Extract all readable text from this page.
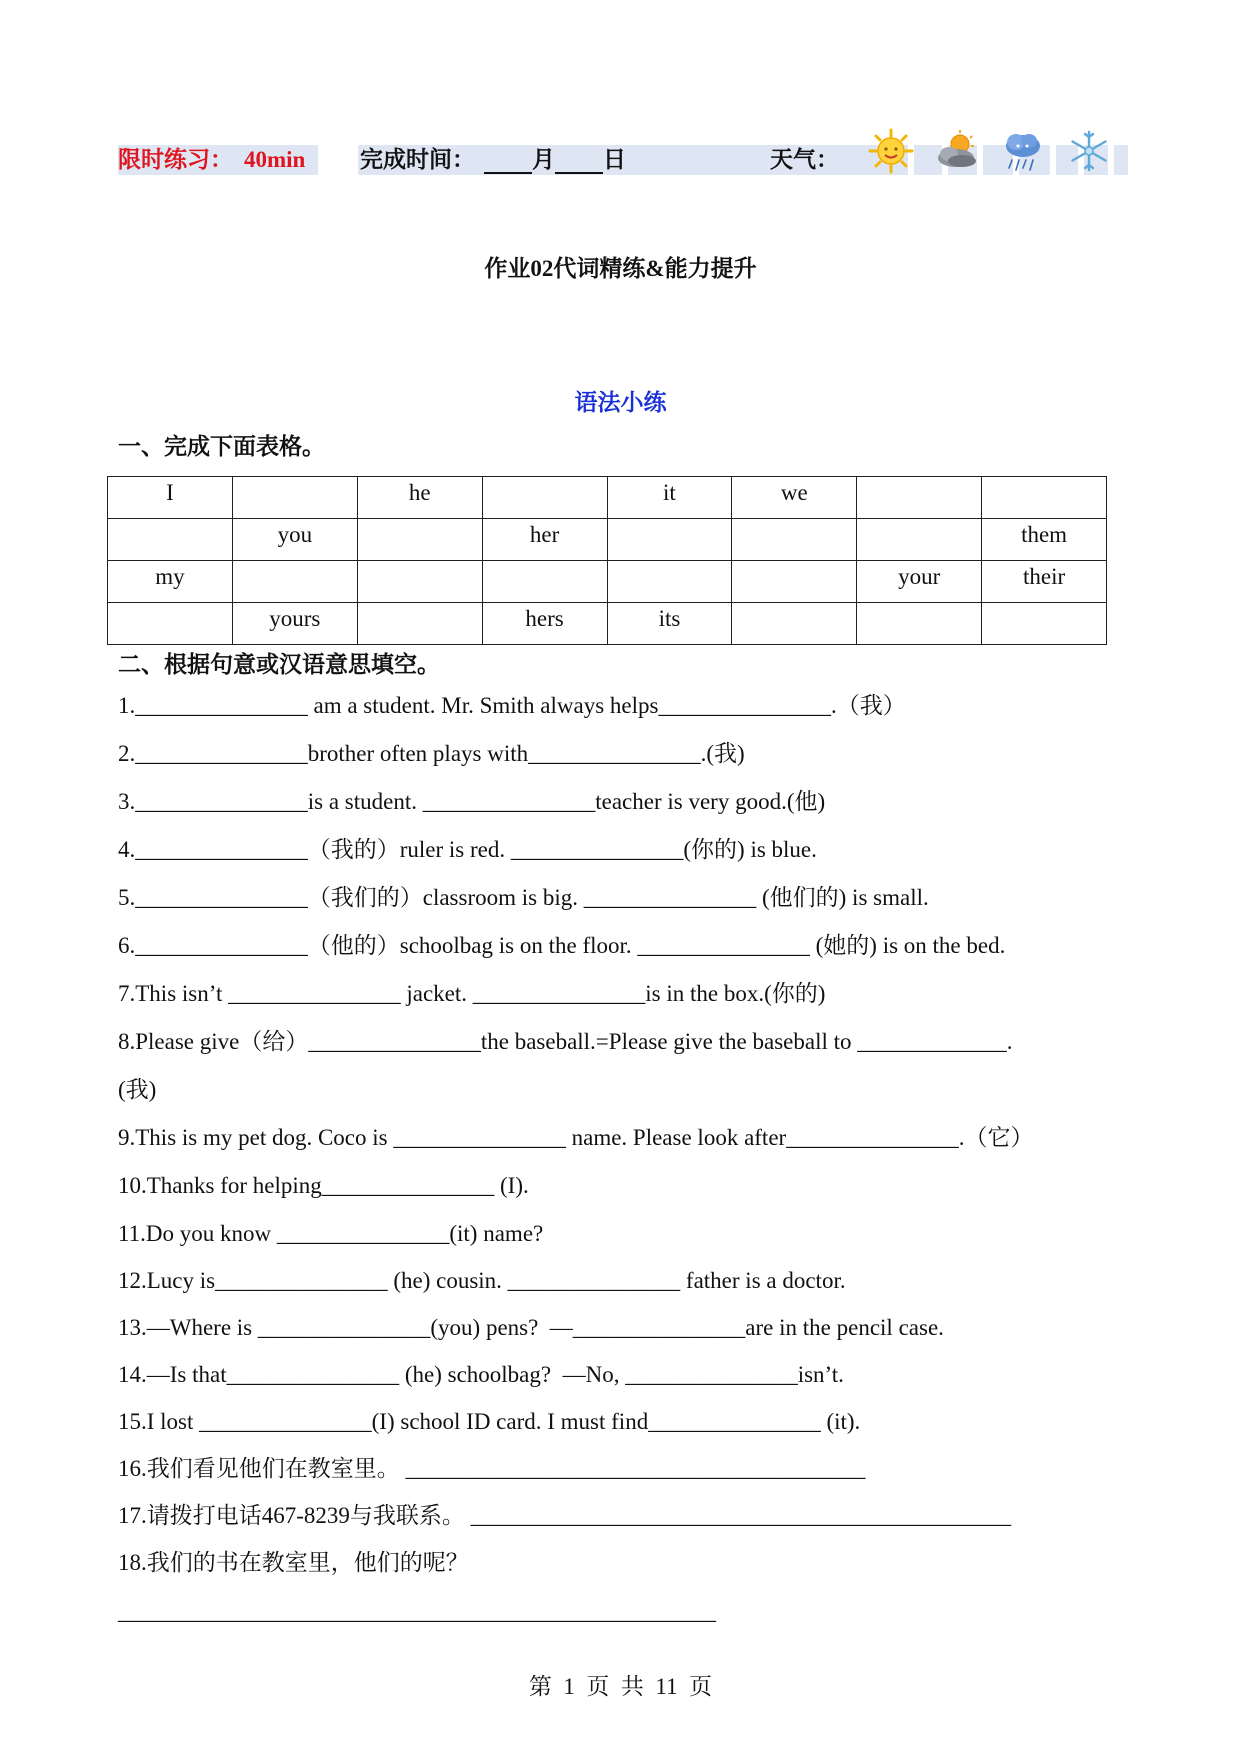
限时练习： 40min 完成时间：	月 日	天气：
作业02代词精练&能力提升
语法小练
一、完成下面表格。
I		he		it	we		
	you		her				them
my						your	their
	yours		hers	its			
二、根据句意或汉语意思填空。
1._______________ am a student. Mr. Smith always helps_______________.（我）
2._______________brother often plays with_______________.(我)
3._______________is a student. _______________teacher is very good.(他)
4._______________（我的）ruler is red. _______________(你的) is blue.
5._______________（我们的）classroom is big. _______________ (他们的) is small.
6._______________（他的）schoolbag is on the floor. _______________ (她的) is on the bed.
7.This isn’t _______________ jacket. _______________is in the box.(你的)
8.Please give（给）_______________the baseball.=Please give the baseball to _____________.
(我)
9.This is my pet dog. Coco is _______________ name. Please look after_______________.（它）
10.Thanks for helping_______________ (I).
11.Do you know _______________(it) name?
12.Lucy is_______________ (he) cousin. _______________ father is a doctor.
13.—Where is _______________(you) pens?  —_______________are in the pencil case.
14.—Is that_______________ (he) schoolbag?  —No, _______________isn’t.
15.I lost _______________(I) school ID card. I must find_______________ (it).
16.我们看见他们在教室里。 ________________________________________
17.请拨打电话467-8239与我联系。 _______________________________________________
18.我们的书在教室里，他们的呢？
____________________________________________________
第  1  页  共  11  页
